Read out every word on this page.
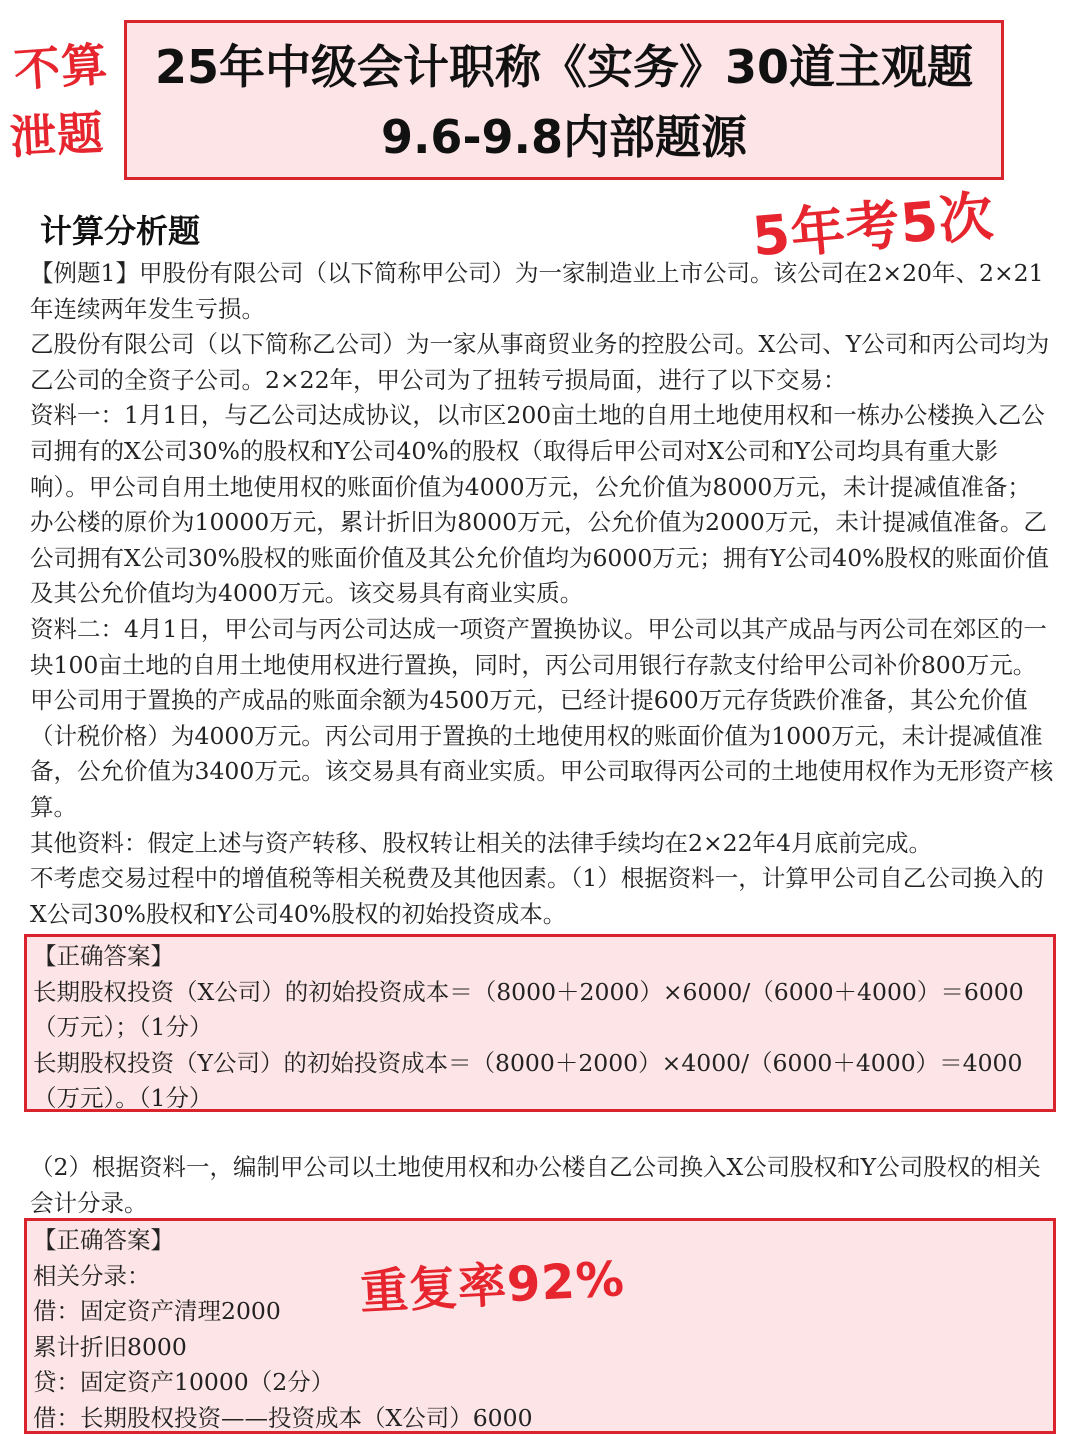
不算
泄题
25年中级会计职称《实务》30道主观题
9.6-9.8内部题源
计算分析题	5年考5次

【例题1】甲股份有限公司（以下简称甲公司）为一家制造业上市公司。该公司在2×20年、2×21年连续两年发生亏损。

乙股份有限公司（以下简称乙公司）为一家从事商贸业务的控股公司。X公司、Y公司和丙公司均为乙公司的全资子公司。2×22年，甲公司为了扭转亏损局面，进行了以下交易：

资料一：1月1日，与乙公司达成协议，以市区200亩土地的自用土地使用权和一栋办公楼换入乙公司拥有的X公司30%的股权和Y公司40%的股权（取得后甲公司对X公司和Y公司均具有重大影响）。甲公司自用土地使用权的账面价值为4000万元，公允价值为8000万元，未计提减值准备；办公楼的原价为10000万元，累计折旧为8000万元，公允价值为2000万元，未计提减值准备。乙公司拥有X公司30%股权的账面价值及其公允价值均为6000万元；拥有Y公司40%股权的账面价值及其公允价值均为4000万元。该交易具有商业实质。

资料二：4月1日，甲公司与丙公司达成一项资产置换协议。甲公司以其产成品与丙公司在郊区的一块100亩土地的自用土地使用权进行置换，同时，丙公司用银行存款支付给甲公司补价800万元。甲公司用于置换的产成品的账面余额为4500万元，已经计提600万元存货跌价准备，其公允价值（计税价格）为4000万元。丙公司用于置换的土地使用权的账面价值为1000万元，未计提减值准备，公允价值为3400万元。该交易具有商业实质。甲公司取得丙公司的土地使用权作为无形资产核算。

其他资料：假定上述与资产转移、股权转让相关的法律手续均在2×22年4月底前完成。

不考虑交易过程中的增值税等相关税费及其他因素。（1）根据资料一，计算甲公司自乙公司换入的X公司30%股权和Y公司40%股权的初始投资成本。

【正确答案】

长期股权投资（X公司）的初始投资成本＝（8000＋2000）×6000/（6000＋4000）＝6000

（万元）；（1分）

长期股权投资（Y公司）的初始投资成本＝（8000＋2000）×4000/（6000＋4000）＝4000

（万元）。（1分）

（2）根据资料一，编制甲公司以土地使用权和办公楼自乙公司换入X公司股权和Y公司股权的相关会计分录。

【正确答案】

相关分录：

借：固定资产清理2000

累计折旧8000

贷：固定资产10000（2分）

借：长期股权投资——投资成本（X公司）6000

重复率92%
